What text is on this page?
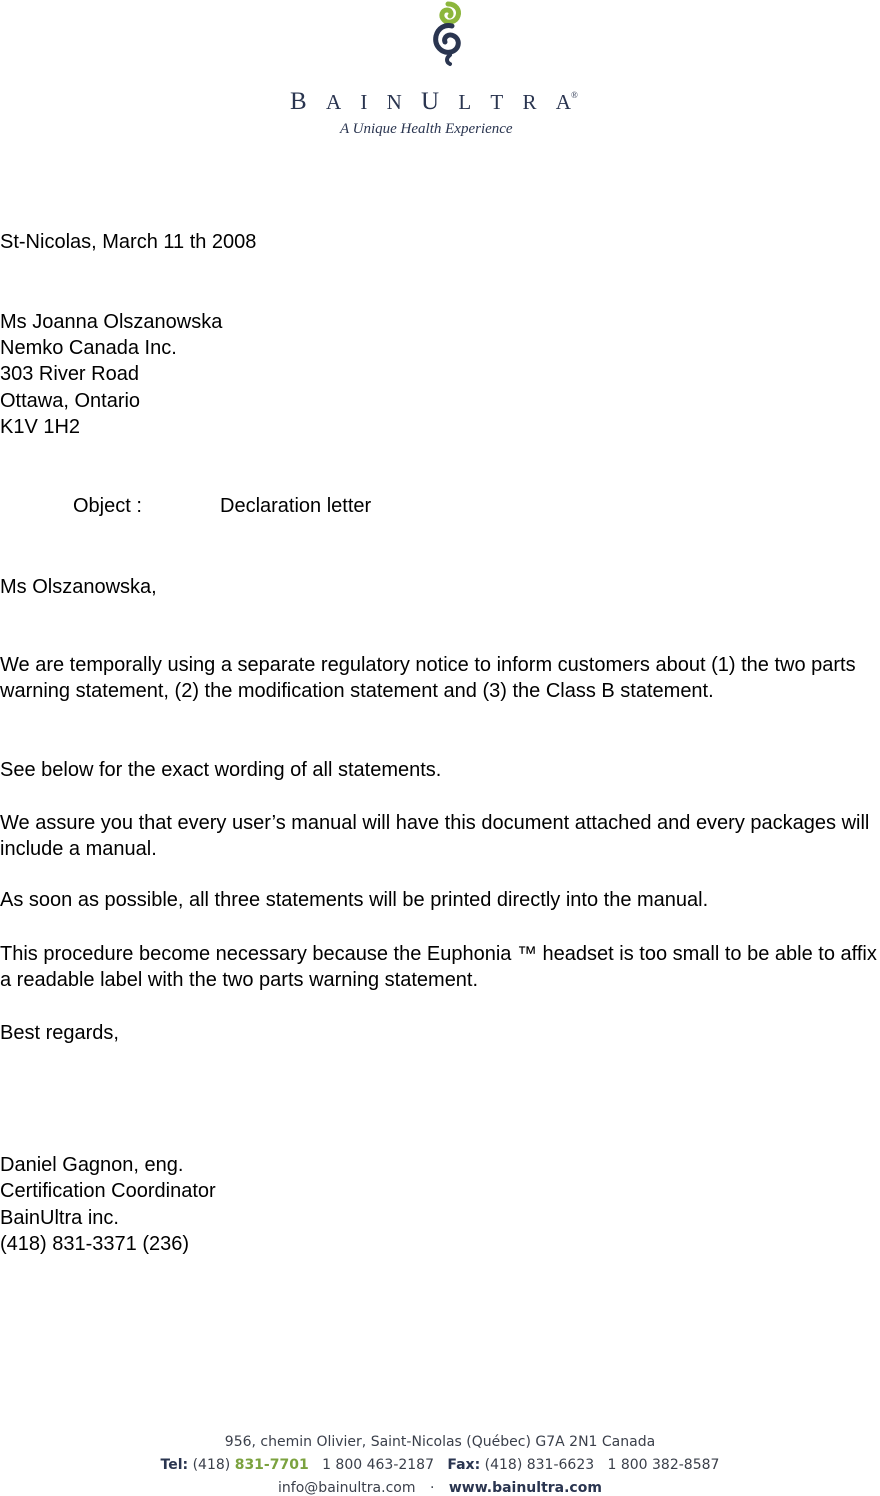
B A I N U L T R A®
A Unique Health Experience
St-Nicolas, March 11 th 2008
Ms Joanna Olszanowska
Nemko Canada Inc.
303 River Road
Ottawa, Ontario
K1V 1H2
Object :	Declaration letter
Ms Olszanowska,
We are temporally using a separate regulatory notice to inform customers about (1) the two parts warning statement, (2) the modification statement and (3) the Class B statement.
See below for the exact wording of all statements.
We assure you that every user’s manual will have this document attached and every packages will include a manual.
As soon as possible, all three statements will be printed directly into the manual.
This procedure become necessary because the Euphonia ™ headset is too small to be able to affix a readable label with the two parts warning statement.
Best regards,
Daniel Gagnon, eng.
Certification Coordinator
BainUltra inc.
(418) 831-3371 (236)
956, chemin Olivier, Saint-Nicolas (Québec) G7A 2N1 Canada
Tel: (418) 831-7701 1 800 463-2187 Fax: (418) 831-6623 1 800 382-8587
info@bainultra.com · www.bainultra.com
